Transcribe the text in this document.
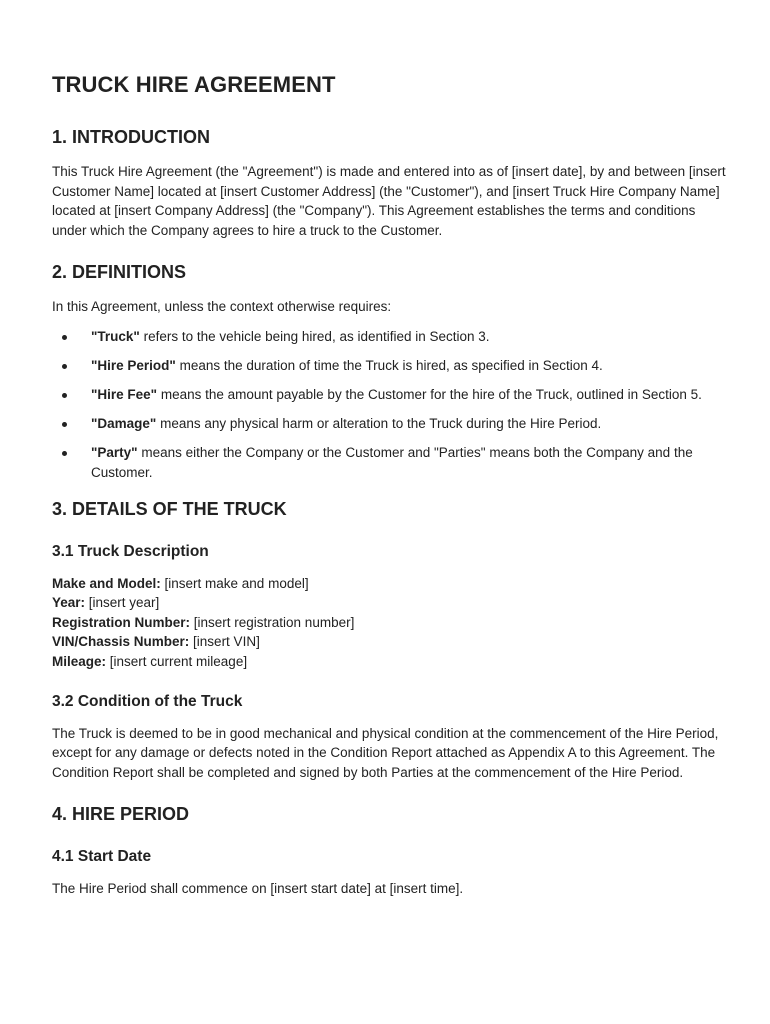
TRUCK HIRE AGREEMENT
1. INTRODUCTION

This Truck Hire Agreement (the "Agreement") is made and entered into as of [insert date], by and between [insert Customer Name] located at [insert Customer Address] (the "Customer"), and [insert Truck Hire Company Name] located at [insert Company Address] (the "Company"). This Agreement establishes the terms and conditions under which the Company agrees to hire a truck to the Customer.

2. DEFINITIONS

In this Agreement, unless the context otherwise requires:

"Truck" refers to the vehicle being hired, as identified in Section 3.
"Hire Period" means the duration of time the Truck is hired, as specified in Section 4.
"Hire Fee" means the amount payable by the Customer for the hire of the Truck, outlined in Section 5.
"Damage" means any physical harm or alteration to the Truck during the Hire Period.
"Party" means either the Company or the Customer and "Parties" means both the Company and the Customer.
3. DETAILS OF THE TRUCK
3.1 Truck Description

Make and Model: [insert make and model]

Year: [insert year]

Registration Number: [insert registration number]

VIN/Chassis Number: [insert VIN]

Mileage: [insert current mileage]

3.2 Condition of the Truck

The Truck is deemed to be in good mechanical and physical condition at the commencement of the Hire Period, except for any damage or defects noted in the Condition Report attached as Appendix A to this Agreement. The Condition Report shall be completed and signed by both Parties at the commencement of the Hire Period.

4. HIRE PERIOD
4.1 Start Date

The Hire Period shall commence on [insert start date] at [insert time].
